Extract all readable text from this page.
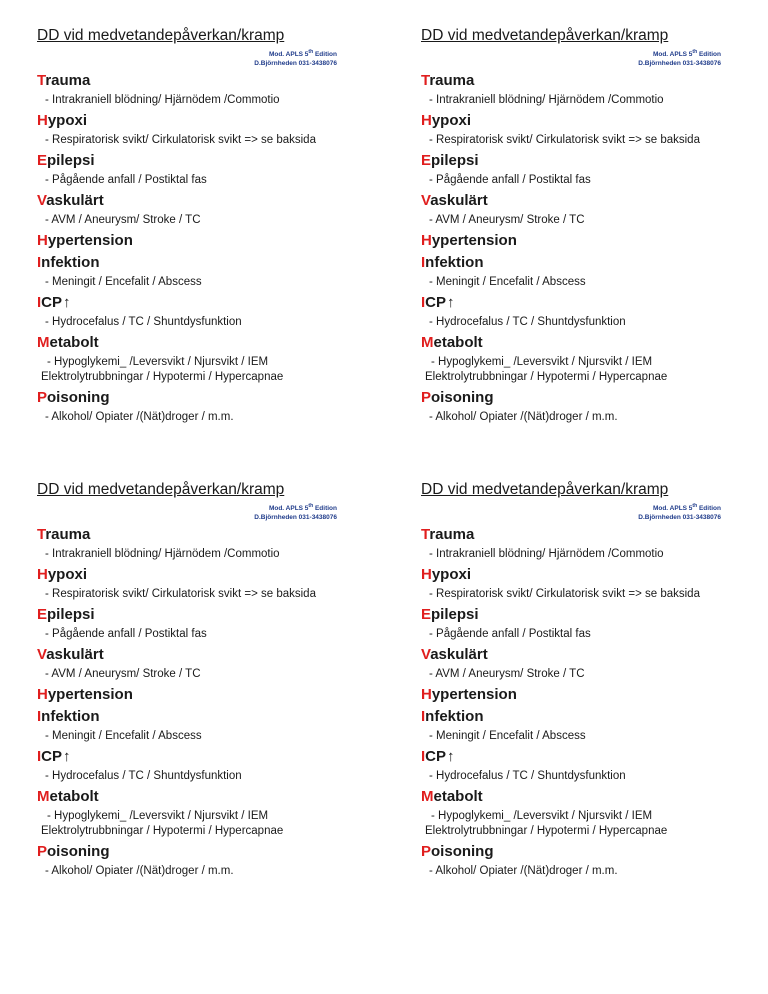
DD vid medvetandepåverkan/kramp
Mod. APLS 5th Edition
D.Björnheden 031-3438076
Trauma
- Intrakraniell blödning/ Hjärnödem /Commotio
Hypoxi
- Respiratorisk svikt/ Cirkulatorisk svikt => se baksida
Epilepsi
- Pågående anfall / Postiktal fas
Vaskulärt
- AVM / Aneurysm/ Stroke / TC
Hypertension
Infektion
- Meningit / Encefalit / Abscess
ICP↑
- Hydrocefalus / TC / Shuntdysfunktion
Metabolt
- Hypoglykemi_ /Leversvikt / Njursvikt / IEM
Elektrolytrubbningar / Hypotermi / Hypercapnae
Poisoning
- Alkohol/ Opiater /(Nät)droger / m.m.
DD vid medvetandepåverkan/kramp
Mod. APLS 5th Edition
D.Björnheden 031-3438076
Trauma
- Intrakraniell blödning/ Hjärnödem /Commotio
Hypoxi
- Respiratorisk svikt/ Cirkulatorisk svikt => se baksida
Epilepsi
- Pågående anfall / Postiktal fas
Vaskulärt
- AVM / Aneurysm/ Stroke / TC
Hypertension
Infektion
- Meningit / Encefalit / Abscess
ICP↑
- Hydrocefalus / TC / Shuntdysfunktion
Metabolt
- Hypoglykemi_ /Leversvikt / Njursvikt / IEM
Elektrolytrubbningar / Hypotermi / Hypercapnae
Poisoning
- Alkohol/ Opiater /(Nät)droger / m.m.
DD vid medvetandepåverkan/kramp
Mod. APLS 5th Edition
D.Björnheden 031-3438076
Trauma
- Intrakraniell blödning/ Hjärnödem /Commotio
Hypoxi
- Respiratorisk svikt/ Cirkulatorisk svikt => se baksida
Epilepsi
- Pågående anfall / Postiktal fas
Vaskulärt
- AVM / Aneurysm/ Stroke / TC
Hypertension
Infektion
- Meningit / Encefalit / Abscess
ICP↑
- Hydrocefalus / TC / Shuntdysfunktion
Metabolt
- Hypoglykemi_ /Leversvikt / Njursvikt / IEM
Elektrolytrubbningar / Hypotermi / Hypercapnae
Poisoning
- Alkohol/ Opiater /(Nät)droger / m.m.
DD vid medvetandepåverkan/kramp
Mod. APLS 5th Edition
D.Björnheden 031-3438076
Trauma
- Intrakraniell blödning/ Hjärnödem /Commotio
Hypoxi
- Respiratorisk svikt/ Cirkulatorisk svikt => se baksida
Epilepsi
- Pågående anfall / Postiktal fas
Vaskulärt
- AVM / Aneurysm/ Stroke / TC
Hypertension
Infektion
- Meningit / Encefalit / Abscess
ICP↑
- Hydrocefalus / TC / Shuntdysfunktion
Metabolt
- Hypoglykemi_ /Leversvikt / Njursvikt / IEM
Elektrolytrubbningar / Hypotermi / Hypercapnae
Poisoning
- Alkohol/ Opiater /(Nät)droger / m.m.
